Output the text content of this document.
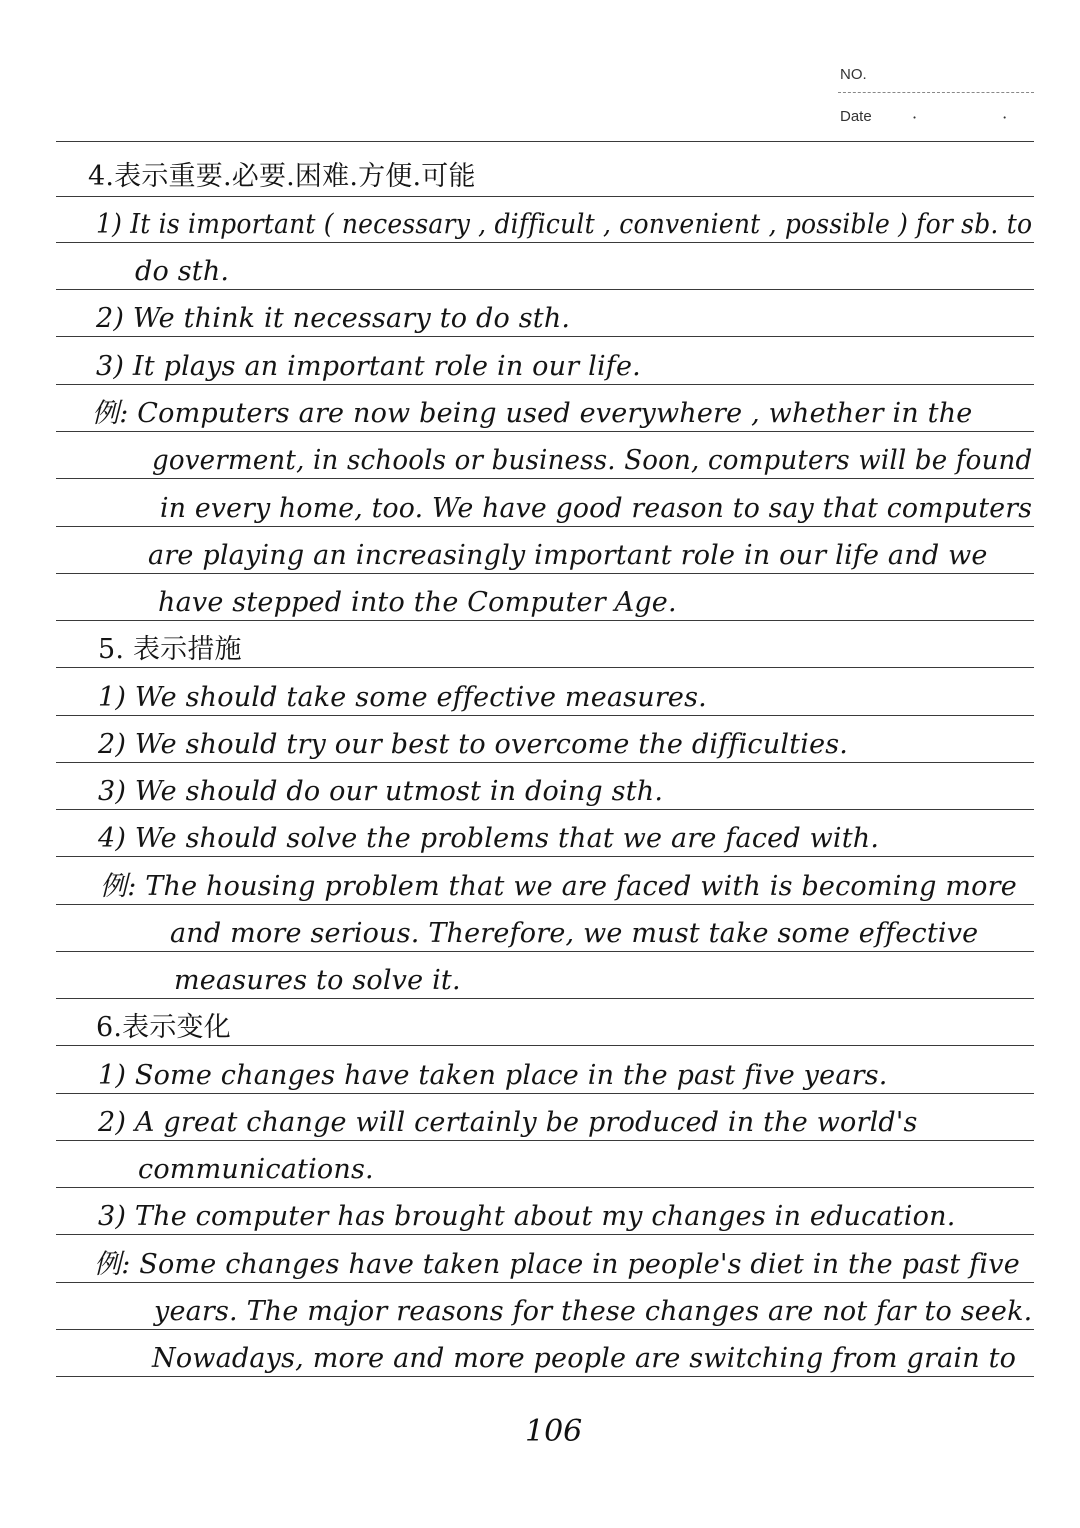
NO.
Date	· ·
4.表示重要.必要.困难.方便.可能
1) It is important ( necessary , difficult , convenient , possible ) for sb. to
do sth.
2) We think it necessary to do sth.
3) It plays an important role in our life.
例: Computers are now being used everywhere , whether in the
goverment, in schools or business. Soon, computers will be found
in every home, too. We have good reason to say that computers
are playing an increasingly important role in our life and we
have stepped into the Computer Age.
5. 表示措施
1) We should take some effective measures.
2) We should try our best to overcome the difficulties.
3) We should do our utmost in doing sth.
4) We should solve the problems that we are faced with.
例: The housing problem that we are faced with is becoming more
and more serious. Therefore, we must take some effective
measures to solve it.
6.表示变化
1) Some changes have taken place in the past five years.
2) A great change will certainly be produced in the world's
communications.
3) The computer has brought about my changes in education.
例: Some changes have taken place in people's diet in the past five
years. The major reasons for these changes are not far to seek.
Nowadays, more and more people are switching from grain to
106
